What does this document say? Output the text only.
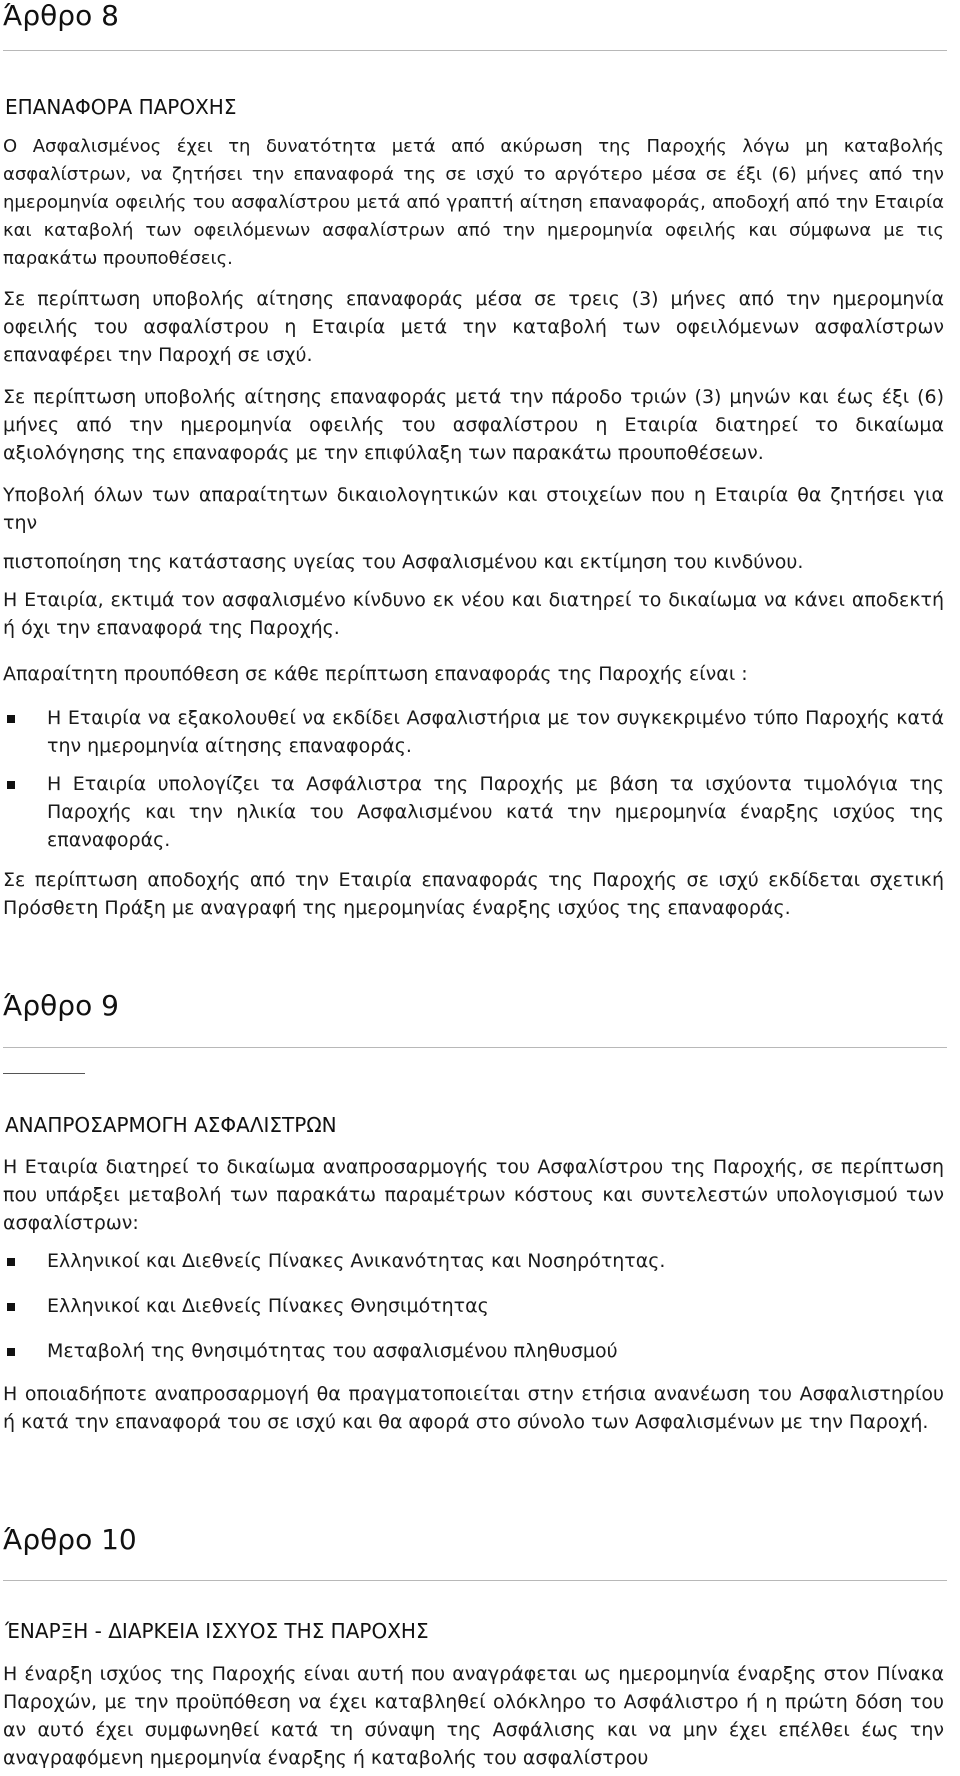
Άρθρο 8
ΕΠΑΝΑΦΟΡΑ ΠΑΡΟΧΗΣ
Ο Ασφαλισμένος έχει τη δυνατότητα μετά από ακύρωση της Παροχής λόγω μη καταβολής ασφαλίστρων, να ζητήσει την επαναφορά της σε ισχύ το αργότερο μέσα σε έξι (6) μήνες από την ημερομηνία οφειλής του ασφαλίστρου μετά από γραπτή αίτηση επαναφοράς, αποδοχή από την Εταιρία και καταβολή των οφειλόμενων ασφαλίστρων από την ημερομηνία οφειλής και σύμφωνα με τις παρακάτω προυποθέσεις.
Σε περίπτωση υποβολής αίτησης επαναφοράς μέσα σε τρεις (3) μήνες από την ημερομηνία οφειλής του ασφαλίστρου η Εταιρία μετά την καταβολή των οφειλόμενων ασφαλίστρων επαναφέρει την Παροχή σε ισχύ.
Σε περίπτωση υποβολής αίτησης επαναφοράς μετά την πάροδο τριών (3) μηνών και έως έξι (6) μήνες από την ημερομηνία οφειλής του ασφαλίστρου η Εταιρία διατηρεί το δικαίωμα αξιολόγησης της επαναφοράς με την επιφύλαξη των παρακάτω προυποθέσεων.
Υποβολή όλων των απαραίτητων δικαιολογητικών και στοιχείων που η Εταιρία θα ζητήσει για την
πιστοποίηση της κατάστασης υγείας του Ασφαλισμένου και εκτίμηση του κινδύνου.
Η Εταιρία, εκτιμά τον ασφαλισμένο κίνδυνο εκ νέου και διατηρεί το δικαίωμα να κάνει αποδεκτή ή όχι την επαναφορά της Παροχής.
Απαραίτητη προυπόθεση σε κάθε περίπτωση επαναφοράς της Παροχής είναι :
Η Εταιρία να εξακολουθεί να εκδίδει Ασφαλιστήρια με τον συγκεκριμένο τύπο Παροχής κατά την ημερομηνία αίτησης επαναφοράς.
Η Εταιρία υπολογίζει τα Ασφάλιστρα της Παροχής με βάση τα ισχύοντα τιμολόγια της Παροχής και την ηλικία του Ασφαλισμένου κατά την ημερομηνία έναρξης ισχύος της επαναφοράς.
Σε περίπτωση αποδοχής από την Εταιρία επαναφοράς της Παροχής σε ισχύ εκδίδεται σχετική Πρόσθετη Πράξη με αναγραφή της ημερομηνίας έναρξης ισχύος της επαναφοράς.
Άρθρο 9
ΑΝΑΠΡΟΣΑΡΜΟΓΗ ΑΣΦΑΛΙΣΤΡΩΝ
Η Εταιρία διατηρεί το δικαίωμα αναπροσαρμογής του Ασφαλίστρου της Παροχής, σε περίπτωση που υπάρξει μεταβολή των παρακάτω παραμέτρων κόστους και συντελεστών υπολογισμού των ασφαλίστρων:
Ελληνικοί και Διεθνείς Πίνακες Ανικανότητας και Νοσηρότητας.
Ελληνικοί και Διεθνείς Πίνακες Θνησιμότητας
Μεταβολή της θνησιμότητας του ασφαλισμένου πληθυσμού
Η οποιαδήποτε αναπροσαρμογή θα πραγματοποιείται στην ετήσια ανανέωση του Ασφαλιστηρίου ή κατά την επαναφορά του σε ισχύ και θα αφορά στο σύνολο των Ασφαλισμένων με την Παροχή.
Άρθρο 10
ΈΝΑΡΞΗ - ΔΙΑΡΚΕΙΑ ΙΣΧΥΟΣ ΤΗΣ ΠΑΡΟΧΗΣ
Η έναρξη ισχύος της Παροχής είναι αυτή που αναγράφεται ως ημερομηνία έναρξης στον Πίνακα Παροχών, με την προϋπόθεση να έχει καταβληθεί ολόκληρο το Ασφάλιστρο ή η πρώτη δόση του αν αυτό έχει συμφωνηθεί κατά τη σύναψη της Ασφάλισης και να μην έχει επέλθει έως την αναγραφόμενη ημερομηνία έναρξης ή καταβολής του ασφαλίστρου
